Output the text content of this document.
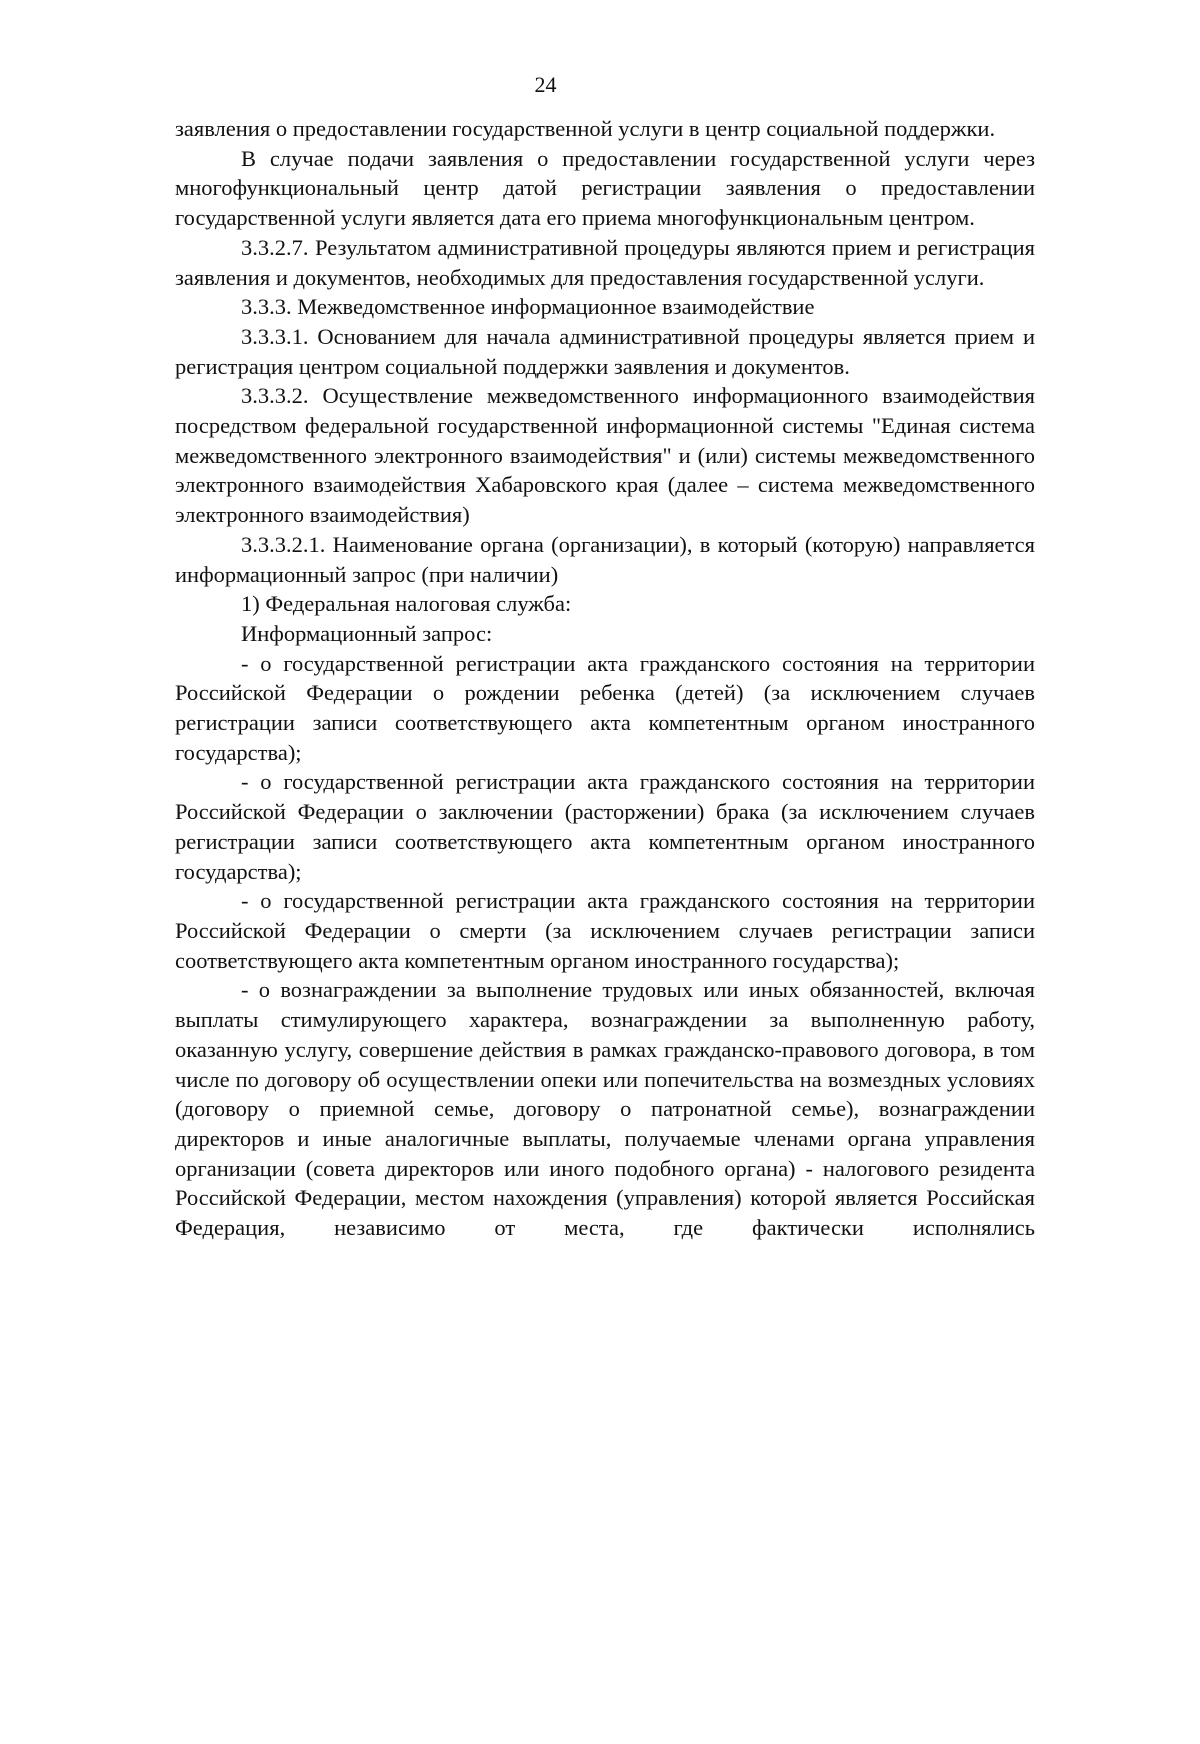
24

заявления о предоставлении государственной услуги в центр социальной поддержки.

В случае подачи заявления о предоставлении государственной услуги через многофункциональный центр датой регистрации заявления о предоставлении государственной услуги является дата его приема многофункциональным центром.

3.3.2.7. Результатом административной процедуры являются прием и регистрация заявления и документов, необходимых для предоставления государственной услуги.

3.3.3. Межведомственное информационное взаимодействие

3.3.3.1. Основанием для начала административной процедуры является прием и регистрация центром социальной поддержки заявления и документов.

3.3.3.2. Осуществление межведомственного информационного взаимодействия посредством федеральной государственной информационной системы "Единая система межведомственного электронного взаимодействия" и (или) системы межведомственного электронного взаимодействия Хабаровского края (далее – система межведомственного электронного взаимодействия)

3.3.3.2.1. Наименование органа (организации), в который (которую) направляется информационный запрос (при наличии)

1) Федеральная налоговая служба:

Информационный запрос:

- о государственной регистрации акта гражданского состояния на территории Российской Федерации о рождении ребенка (детей) (за исключением случаев регистрации записи соответствующего акта компетентным органом иностранного государства);

- о государственной регистрации акта гражданского состояния на территории Российской Федерации о заключении (расторжении) брака (за исключением случаев регистрации записи соответствующего акта компетентным органом иностранного государства);

- о государственной регистрации акта гражданского состояния на территории Российской Федерации о смерти (за исключением случаев регистрации записи соответствующего акта компетентным органом иностранного государства);

- о вознаграждении за выполнение трудовых или иных обязанностей, включая выплаты стимулирующего характера, вознаграждении за выполненную работу, оказанную услугу, совершение действия в рамках гражданско-правового договора, в том числе по договору об осуществлении опеки или попечительства на возмездных условиях (договору о приемной семье, договору о патронатной семье), вознаграждении директоров и иные аналогичные выплаты, получаемые членами органа управления организации (совета директоров или иного подобного органа) - налогового резидента Российской Федерации, местом нахождения (управления) которой является Российская Федерация, независимо от места, где фактически исполнялись
